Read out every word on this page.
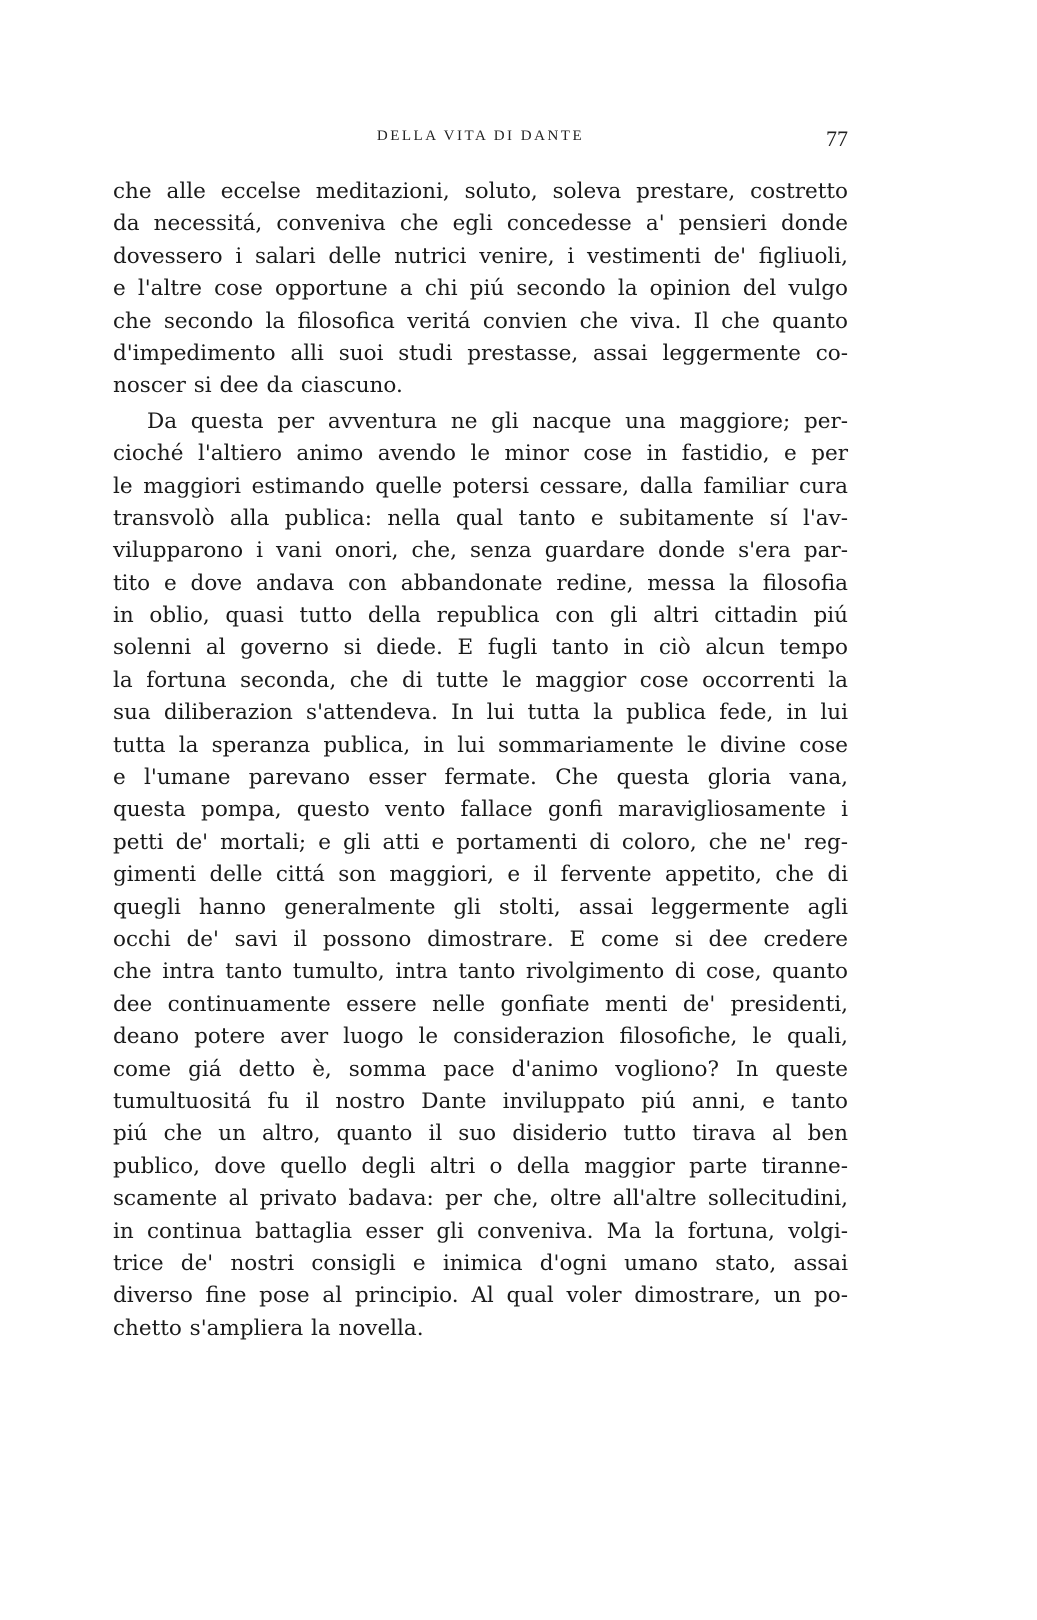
DELLA VITA DI DANTE	77
che alle eccelse meditazioni, soluto, soleva prestare, costretto
da necessitá, conveniva che egli concedesse a' pensieri donde
dovessero i salari delle nutrici venire, i vestimenti de' figliuoli,
e l'altre cose opportune a chi piú secondo la opinion del vulgo
che secondo la filosofica veritá convien che viva. Il che quanto
d'impedimento alli suoi studi prestasse, assai leggermente co-
noscer si dee da ciascuno.
Da questa per avventura ne gli nacque una maggiore; per-
cioché l'altiero animo avendo le minor cose in fastidio, e per
le maggiori estimando quelle potersi cessare, dalla familiar cura
transvolò alla publica: nella qual tanto e subitamente sí l'av-
vilupparono i vani onori, che, senza guardare donde s'era par-
tito e dove andava con abbandonate redine, messa la filosofia
in oblio, quasi tutto della republica con gli altri cittadin piú
solenni al governo si diede. E fugli tanto in ciò alcun tempo
la fortuna seconda, che di tutte le maggior cose occorrenti la
sua diliberazion s'attendeva. In lui tutta la publica fede, in lui
tutta la speranza publica, in lui sommariamente le divine cose
e l'umane parevano esser fermate. Che questa gloria vana,
questa pompa, questo vento fallace gonfi maravigliosamente i
petti de' mortali; e gli atti e portamenti di coloro, che ne' reg-
gimenti delle cittá son maggiori, e il fervente appetito, che di
quegli hanno generalmente gli stolti, assai leggermente agli
occhi de' savi il possono dimostrare. E come si dee credere
che intra tanto tumulto, intra tanto rivolgimento di cose, quanto
dee continuamente essere nelle gonfiate menti de' presidenti,
deano potere aver luogo le considerazion filosofiche, le quali,
come giá detto è, somma pace d'animo vogliono? In queste
tumultuositá fu il nostro Dante inviluppato piú anni, e tanto
piú che un altro, quanto il suo disiderio tutto tirava al ben
publico, dove quello degli altri o della maggior parte tiranne-
scamente al privato badava: per che, oltre all'altre sollecitudini,
in continua battaglia esser gli conveniva. Ma la fortuna, volgi-
trice de' nostri consigli e inimica d'ogni umano stato, assai
diverso fine pose al principio. Al qual voler dimostrare, un po-
chetto s'ampliera la novella.
